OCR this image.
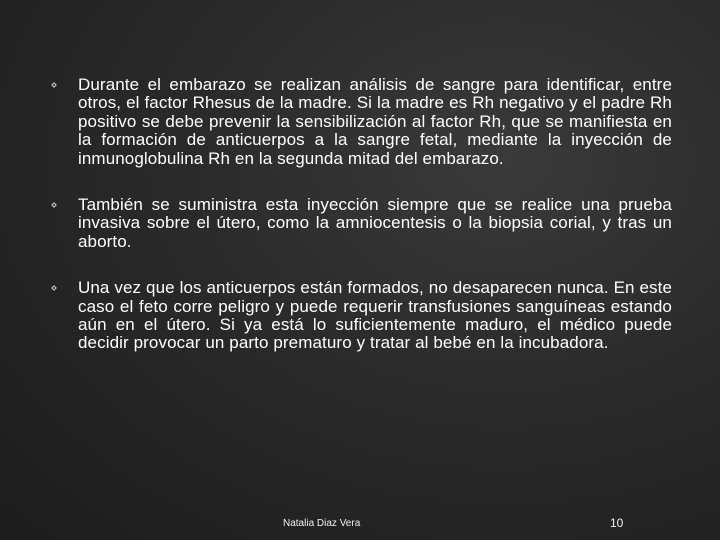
Durante el embarazo se realizan análisis de sangre para identificar, entre otros, el factor Rhesus de la madre. Si la madre es Rh negativo y el padre Rh positivo se debe prevenir la sensibilización al factor Rh, que se manifiesta en la formación de anticuerpos a la sangre fetal, mediante la inyección de inmunoglobulina Rh en la segunda mitad del embarazo.
También se suministra esta inyección siempre que se realice una prueba invasiva sobre el útero, como la amniocentesis o la biopsia corial, y tras un aborto.
Una vez que los anticuerpos están formados, no desaparecen nunca. En este caso el feto corre peligro y puede requerir transfusiones sanguíneas estando aún en el útero. Si ya está lo suficientemente maduro, el médico puede decidir provocar un parto prematuro y tratar al bebé en la incubadora.
Natalia Diaz Vera	10
